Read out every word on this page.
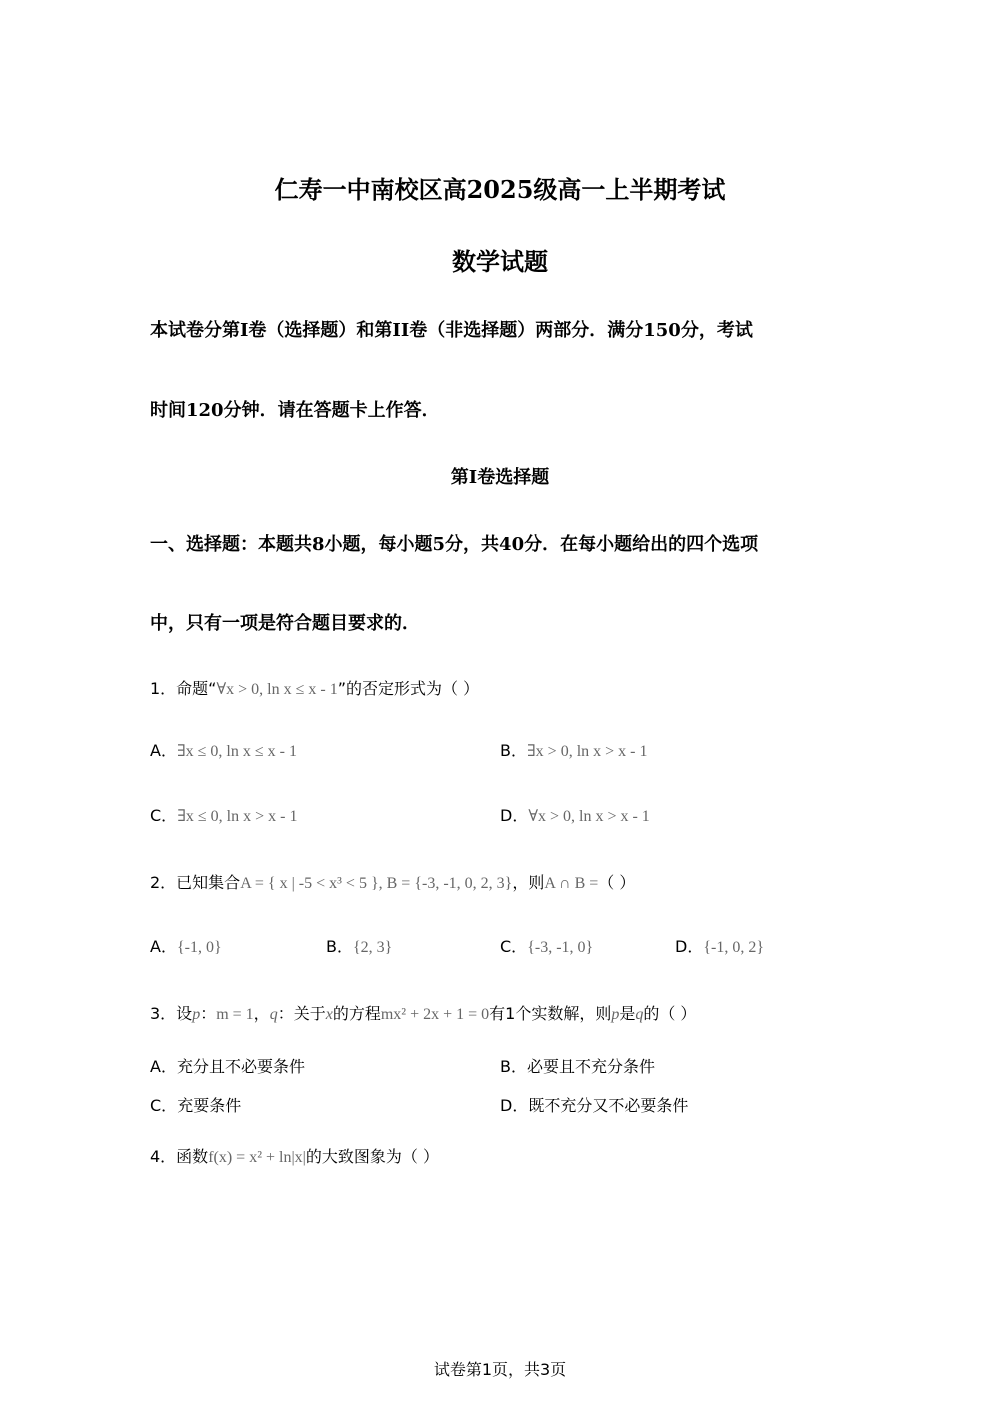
仁寿一中南校区高2025级高一上半期考试
数学试题
本试卷分第I卷（选择题）和第II卷（非选择题）两部分．满分150分，考试
时间120分钟．请在答题卡上作答．
第I卷选择题
一、选择题：本题共8小题，每小题5分，共40分．在每小题给出的四个选项
中，只有一项是符合题目要求的．
1．命题“∀x > 0, ln x ≤ x - 1”的否定形式为（ ）
A．∃x ≤ 0, ln x ≤ x - 1	B．∃x > 0, ln x > x - 1
C．∃x ≤ 0, ln x > x - 1	D．∀x > 0, ln x > x - 1
2．已知集合A = { x | -5 < x³ < 5 }, B = {-3, -1, 0, 2, 3}，则A ∩ B =（ ）
A．{-1, 0}	B．{2, 3}	C．{-3, -1, 0}	D．{-1, 0, 2}
3．设p：m = 1，q：关于x的方程mx² + 2x + 1 = 0有1个实数解，则p是q的（ ）
A．充分且不必要条件	B．必要且不充分条件
C．充要条件	D．既不充分又不必要条件
4．函数f(x) = x² + ln|x|的大致图象为（ ）
试卷第1页，共3页
